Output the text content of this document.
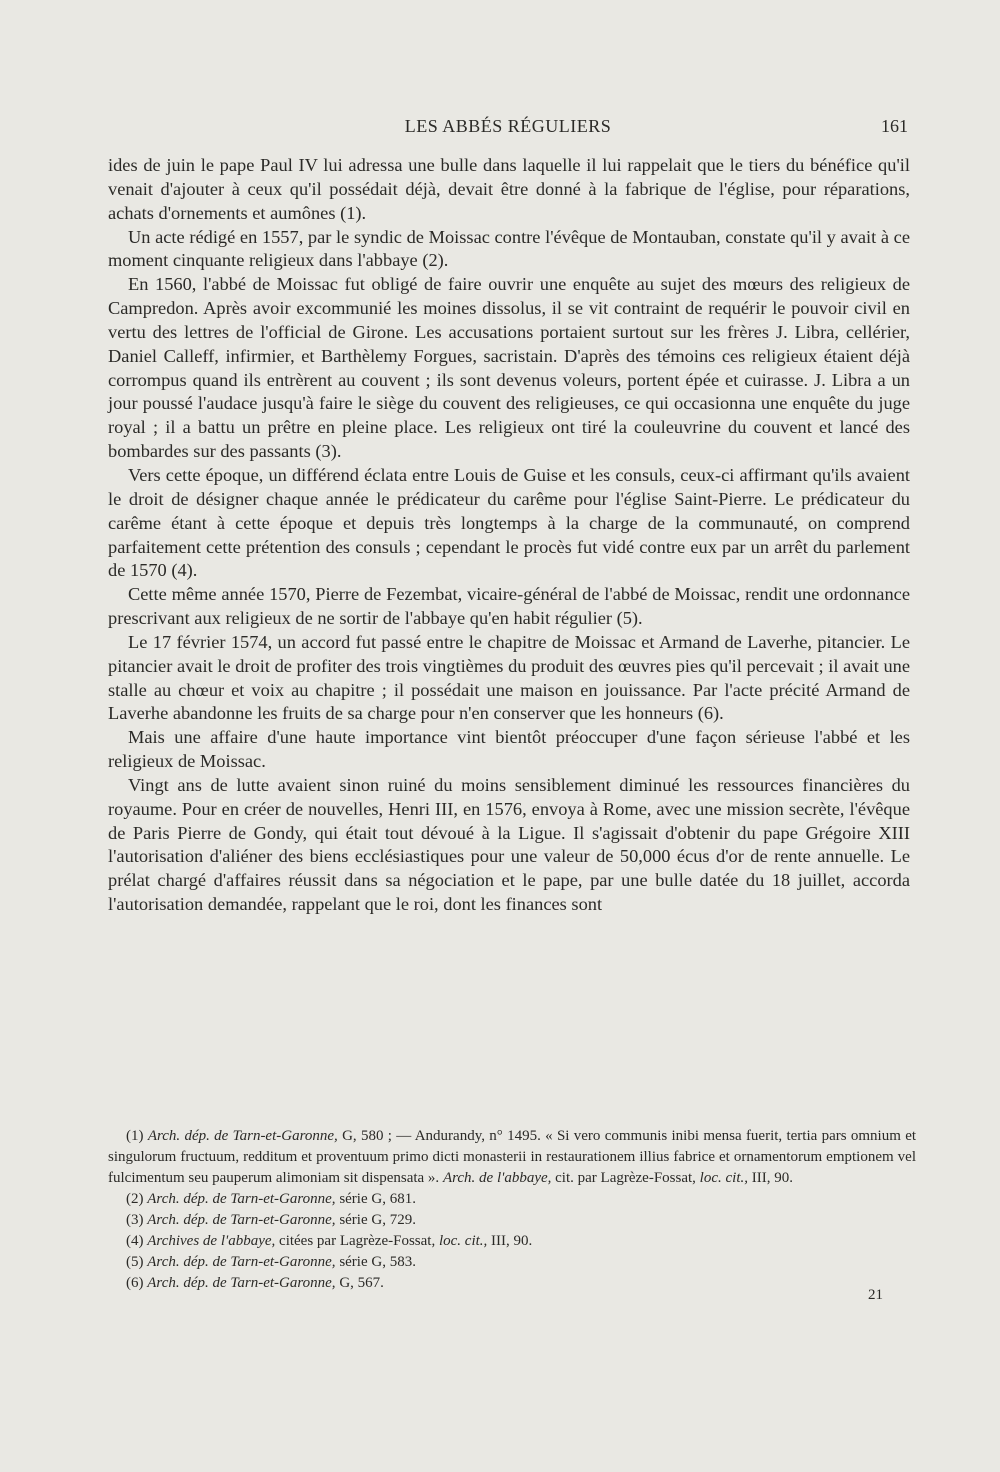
LES ABBÉS RÉGULIERS	161

ides de juin le pape Paul IV lui adressa une bulle dans laquelle il lui rappelait que le tiers du bénéfice qu'il venait d'ajouter à ceux qu'il possédait déjà, devait être donné à la fabrique de l'église, pour réparations, achats d'ornements et aumônes (1).

Un acte rédigé en 1557, par le syndic de Moissac contre l'évêque de Montauban, constate qu'il y avait à ce moment cinquante religieux dans l'abbaye (2).

En 1560, l'abbé de Moissac fut obligé de faire ouvrir une enquête au sujet des mœurs des religieux de Campredon. Après avoir excommunié les moines dissolus, il se vit contraint de requérir le pouvoir civil en vertu des lettres de l'official de Girone. Les accusations portaient surtout sur les frères J. Libra, cellérier, Daniel Calleff, infirmier, et Barthèlemy Forgues, sacristain. D'après des témoins ces religieux étaient déjà corrompus quand ils entrèrent au couvent ; ils sont devenus voleurs, portent épée et cuirasse. J. Libra a un jour poussé l'audace jusqu'à faire le siège du couvent des religieuses, ce qui occasionna une enquête du juge royal ; il a battu un prêtre en pleine place. Les religieux ont tiré la couleuvrine du couvent et lancé des bombardes sur des passants (3).

Vers cette époque, un différend éclata entre Louis de Guise et les consuls, ceux-ci affirmant qu'ils avaient le droit de désigner chaque année le prédicateur du carême pour l'église Saint-Pierre. Le prédicateur du carême étant à cette époque et depuis très longtemps à la charge de la communauté, on comprend parfaitement cette prétention des consuls ; cependant le procès fut vidé contre eux par un arrêt du parlement de 1570 (4).

Cette même année 1570, Pierre de Fezembat, vicaire-général de l'abbé de Moissac, rendit une ordonnance prescrivant aux religieux de ne sortir de l'abbaye qu'en habit régulier (5).

Le 17 février 1574, un accord fut passé entre le chapitre de Moissac et Armand de Laverhe, pitancier. Le pitancier avait le droit de profiter des trois vingtièmes du produit des œuvres pies qu'il percevait ; il avait une stalle au chœur et voix au chapitre ; il possédait une maison en jouissance. Par l'acte précité Armand de Laverhe abandonne les fruits de sa charge pour n'en conserver que les honneurs (6).

Mais une affaire d'une haute importance vint bientôt préoccuper d'une façon sérieuse l'abbé et les religieux de Moissac.

Vingt ans de lutte avaient sinon ruiné du moins sensiblement diminué les ressources financières du royaume. Pour en créer de nouvelles, Henri III, en 1576, envoya à Rome, avec une mission secrète, l'évêque de Paris Pierre de Gondy, qui était tout dévoué à la Ligue. Il s'agissait d'obtenir du pape Grégoire XIII l'autorisation d'aliéner des biens ecclésiastiques pour une valeur de 50,000 écus d'or de rente annuelle. Le prélat chargé d'affaires réussit dans sa négociation et le pape, par une bulle datée du 18 juillet, accorda l'autorisation demandée, rappelant que le roi, dont les finances sont

(1) Arch. dép. de Tarn-et-Garonne, G, 580 ; — Andurandy, n° 1495. « Si vero communis inibi mensa fuerit, tertia pars omnium et singulorum fructuum, redditum et proventuum primo dicti monasterii in restaurationem illius fabrice et ornamentorum emptionem vel fulcimentum seu pauperum alimoniam sit dispensata ». Arch. de l'abbaye, cit. par Lagrèze-Fossat, loc. cit., III, 90.

(2) Arch. dép. de Tarn-et-Garonne, série G, 681.

(3) Arch. dép. de Tarn-et-Garonne, série G, 729.

(4) Archives de l'abbaye, citées par Lagrèze-Fossat, loc. cit., III, 90.

(5) Arch. dép. de Tarn-et-Garonne, série G, 583.

(6) Arch. dép. de Tarn-et-Garonne, G, 567.

21
